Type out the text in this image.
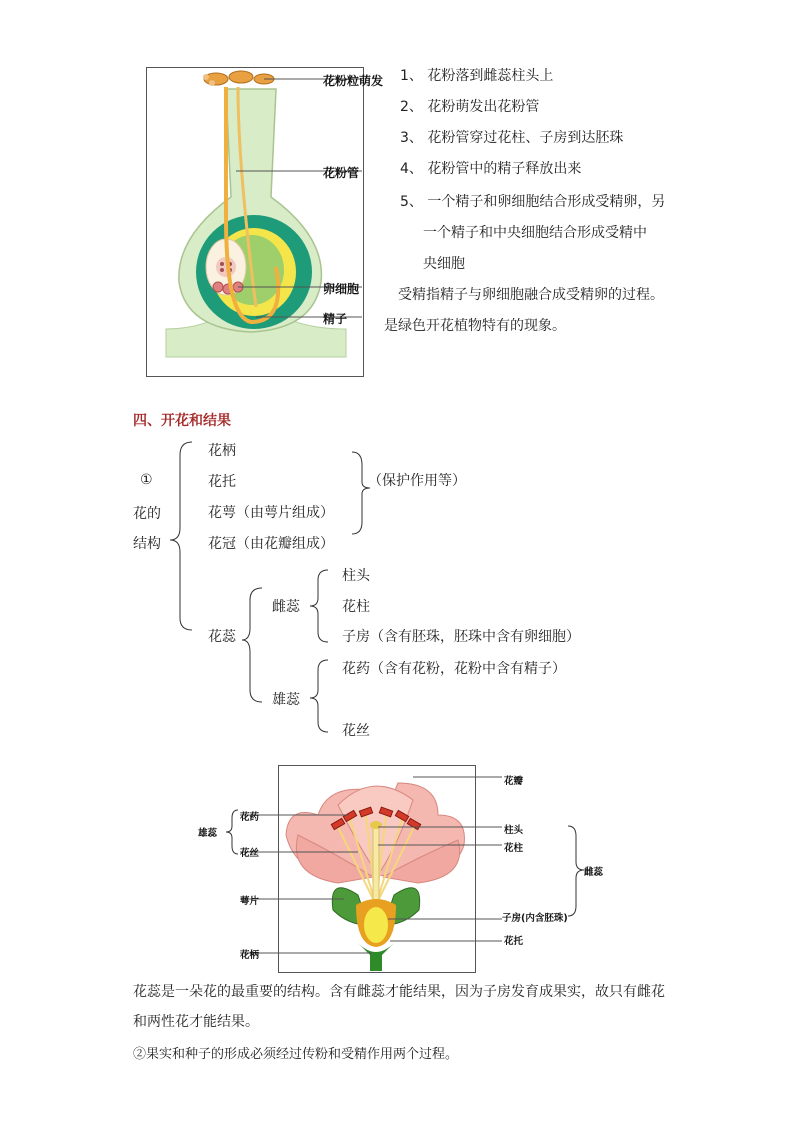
花粉粒萌发
花粉管
卵细胞
精子
1、 花粉落到雌蕊柱头上
2、 花粉萌发出花粉管
3、 花粉管穿过花柱、子房到达胚珠
4、 花粉管中的精子释放出来
5、 一个精子和卵细胞结合形成受精卵，另
一个精子和中央细胞结合形成受精中
央细胞
受精指精子与卵细胞融合成受精卵的过程。
是绿色开花植物特有的现象。
四、开花和结果
①
花的
结构
花柄
花托
花萼（由萼片组成）
花冠（由花瓣组成）
（保护作用等）
花蕊
雌蕊
柱头
花柱
子房（含有胚珠，胚珠中含有卵细胞）
雄蕊
花药（含有花粉，花粉中含有精子）
花丝
花瓣
花药
雄蕊
花丝
柱头
花柱
雌蕊
萼片
子房(内含胚珠)
花托
花柄
花蕊是一朵花的最重要的结构。含有雌蕊才能结果，因为子房发育成果实，故只有雌花
和两性花才能结果。
②果实和种子的形成必须经过传粉和受精作用两个过程。
